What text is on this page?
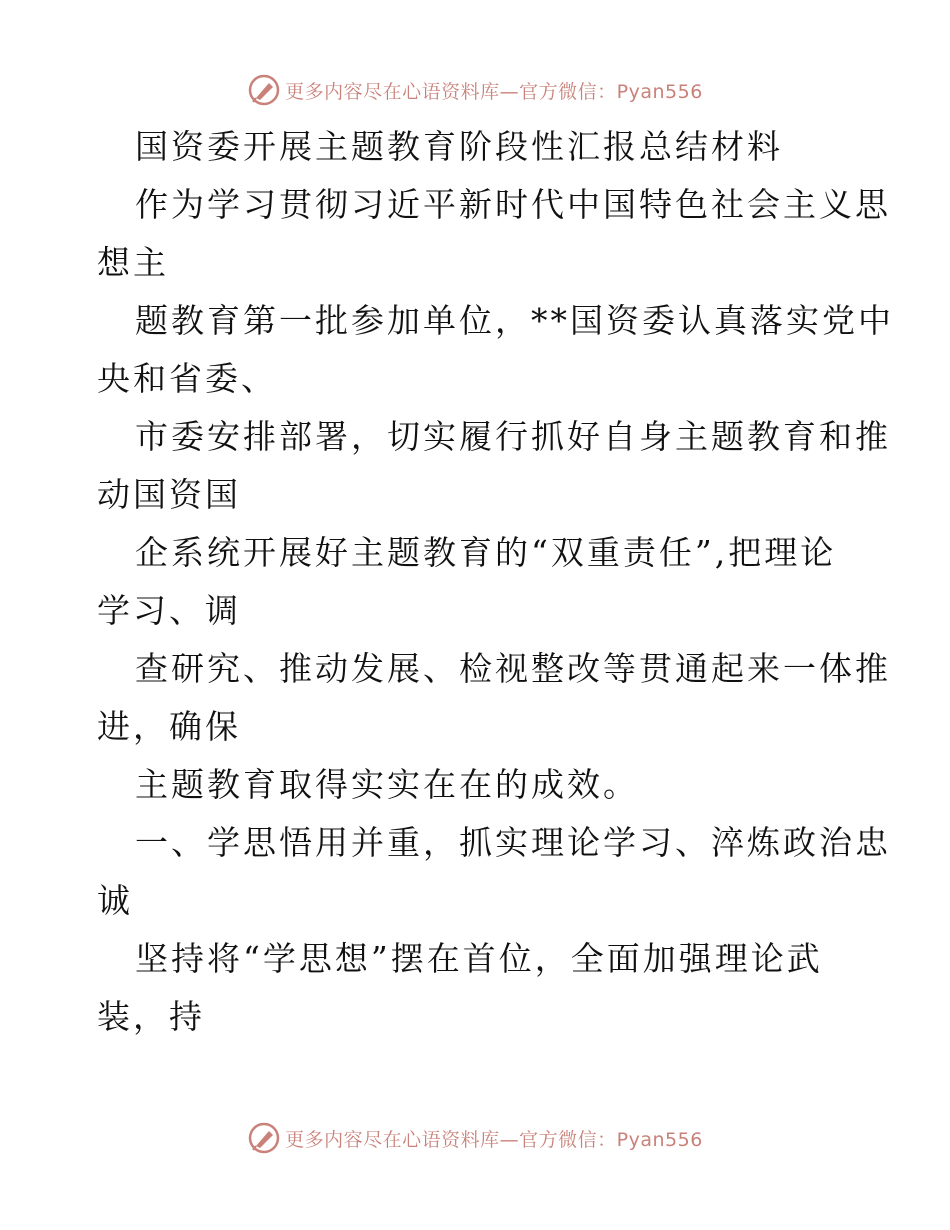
更多内容尽在心语资料库—官方微信：Pyan556
国资委开展主题教育阶段性汇报总结材料
作为学习贯彻习近平新时代中国特色社会主义思
想主
题教育第一批参加单位，**国资委认真落实党中
央和省委、
市委安排部署，切实履行抓好自身主题教育和推
动国资国
企系统开展好主题教育的“双重责任”,把理论
学习、调
查研究、推动发展、检视整改等贯通起来一体推
进，确保
主题教育取得实实在在的成效。
一、学思悟用并重，抓实理论学习、淬炼政治忠
诚
坚持将“学思想”摆在首位，全面加强理论武
装，持
更多内容尽在心语资料库—官方微信：Pyan556
